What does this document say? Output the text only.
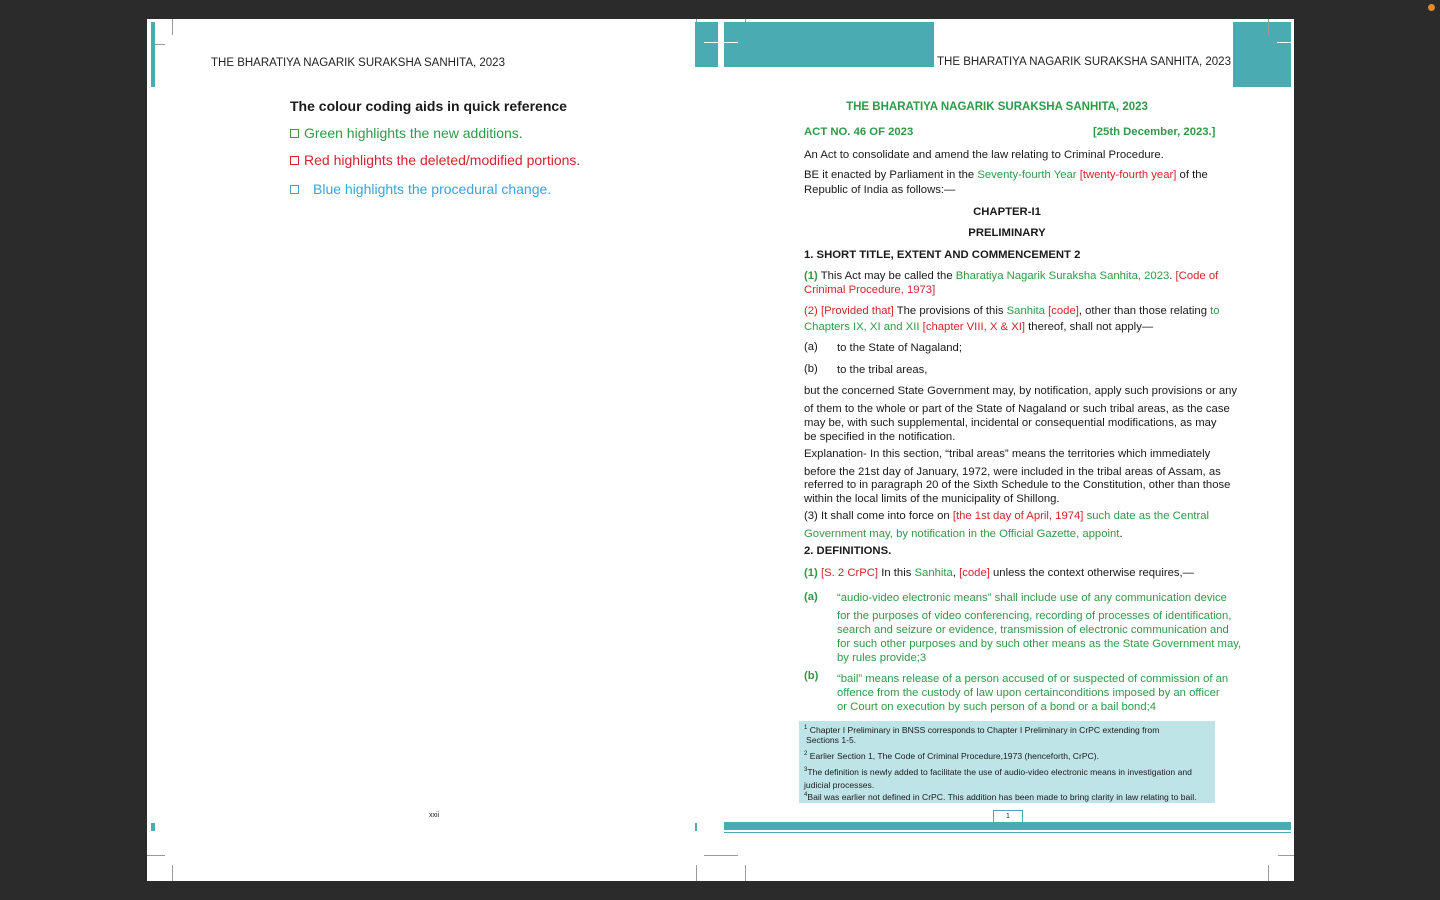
THE BHARATIYA NAGARIK SURAKSHA SANHITA, 2023
The colour coding aids in quick reference
Green highlights the new additions.
Red highlights the deleted/modified portions.
Blue highlights the procedural change.
xxii
THE BHARATIYA NAGARIK SURAKSHA SANHITA, 2023
THE BHARATIYA NAGARIK SURAKSHA SANHITA, 2023
ACT NO. 46 OF 2023	[25th December, 2023.]
An Act to consolidate and amend the law relating to Criminal Procedure.
BE it enacted by Parliament in the Seventy-fourth Year [twenty-fourth year] of the
Republic of India as follows:—
CHAPTER-I1
PRELIMINARY
1. SHORT TITLE, EXTENT AND COMMENCEMENT 2
(1) This Act may be called the Bharatiya Nagarik Suraksha Sanhita, 2023. [Code of
Crinimal Procedure, 1973]
(2) [Provided that] The provisions of this Sanhita [code], other than those relating to
Chapters IX, XI and XII [chapter VIII, X & XI] thereof, shall not apply—
(a) to the State of Nagaland;
(b) to the tribal areas,
but the concerned State Government may, by notification, apply such provisions or any
of them to the whole or part of the State of Nagaland or such tribal areas, as the case
may be, with such supplemental, incidental or consequential modifications, as may
be specified in the notification.
Explanation- In this section, “tribal areas” means the territories which immediately
before the 21st day of January, 1972, were included in the tribal areas of Assam, as
referred to in paragraph 20 of the Sixth Schedule to the Constitution, other than those
within the local limits of the municipality of Shillong.
(3) It shall come into force on [the 1st day of April, 1974] such date as the Central
Government may, by notification in the Official Gazette, appoint.
2. DEFINITIONS.
(1) [S. 2 CrPC] In this Sanhita, [code] unless the context otherwise requires,—
(a) “audio-video electronic means” shall include use of any communication device
for the purposes of video conferencing, recording of processes of identification,
search and seizure or evidence, transmission of electronic communication and
for such other purposes and by such other means as the State Government may,
by rules provide;3
(b) “bail” means release of a person accused of or suspected of commission of an
offence from the custody of law upon certainconditions imposed by an officer
or Court on execution by such person of a bond or a bail bond;4
$^1$ Chapter I Preliminary in BNSS corresponds to Chapter I Preliminary in CrPC extending from
Sections 1-5.
$^2$ Earlier Section 1, The Code of Criminal Procedure,1973 (henceforth, CrPC).
$^3$The definition is newly added to facilitate the use of audio-video electronic means in investigation and
judicial processes.
$^4$Bail was earlier not defined in CrPC. This addition has been made to bring clarity in law relating to bail.
1
